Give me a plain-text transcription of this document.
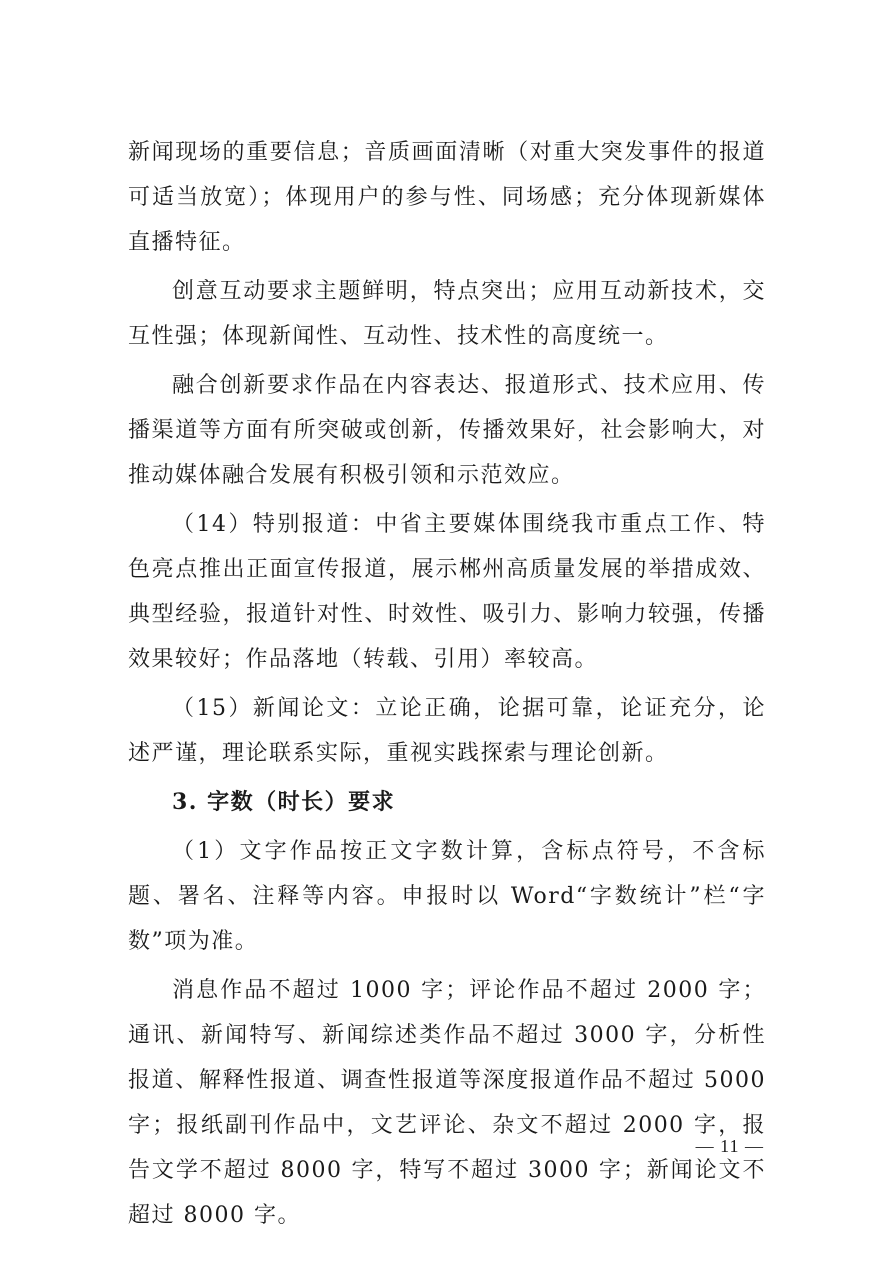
新闻现场的重要信息；音质画面清晰（对重大突发事件的报道可适当放宽）；体现用户的参与性、同场感；充分体现新媒体直播特征。

创意互动要求主题鲜明，特点突出；应用互动新技术，交互性强；体现新闻性、互动性、技术性的高度统一。

融合创新要求作品在内容表达、报道形式、技术应用、传播渠道等方面有所突破或创新，传播效果好，社会影响大，对推动媒体融合发展有积极引领和示范效应。

（14）特别报道：中省主要媒体围绕我市重点工作、特色亮点推出正面宣传报道，展示郴州高质量发展的举措成效、典型经验，报道针对性、时效性、吸引力、影响力较强，传播效果较好；作品落地（转载、引用）率较高。

（15）新闻论文：立论正确，论据可靠，论证充分，论述严谨，理论联系实际，重视实践探索与理论创新。

3. 字数（时长）要求

（1）文字作品按正文字数计算，含标点符号，不含标题、署名、注释等内容。申报时以 Word“字数统计”栏“字数”项为准。

消息作品不超过 1000 字；评论作品不超过 2000 字；通讯、新闻特写、新闻综述类作品不超过 3000 字，分析性报道、解释性报道、调查性报道等深度报道作品不超过 5000 字；报纸副刊作品中，文艺评论、杂文不超过 2000 字，报告文学不超过 8000 字，特写不超过 3000 字；新闻论文不超过 8000 字。

— 11 —
